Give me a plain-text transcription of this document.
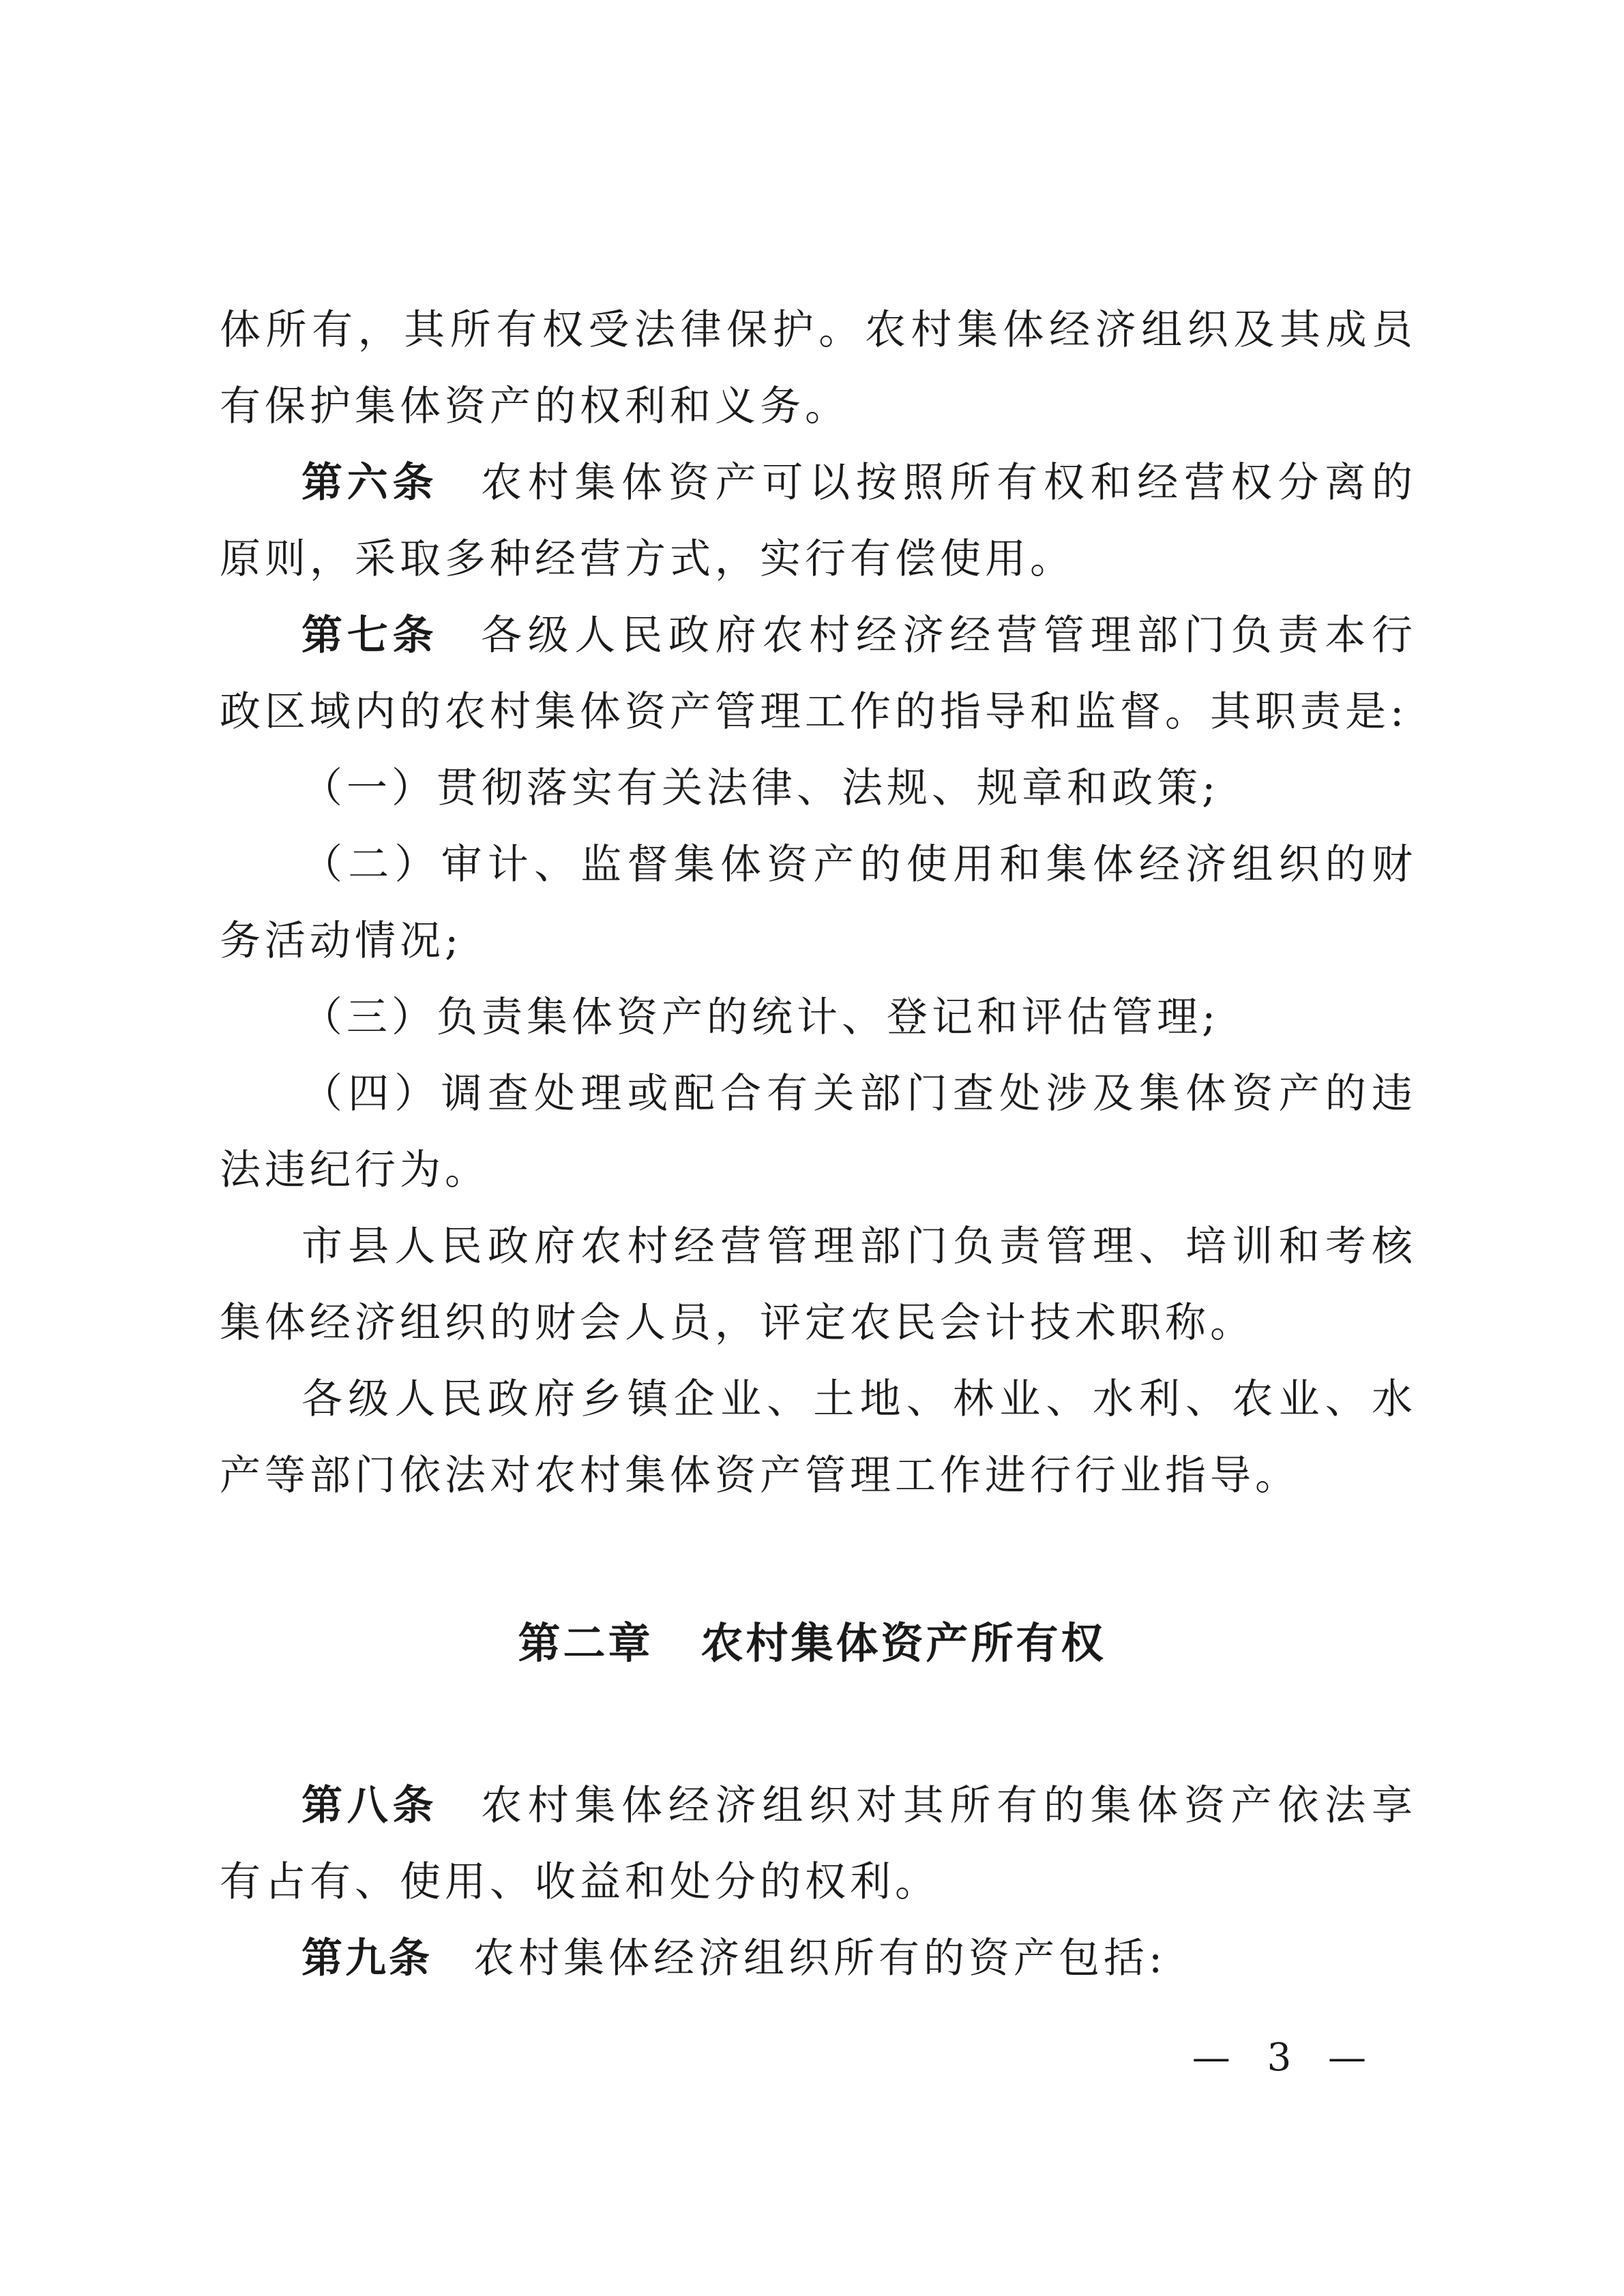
体所有，其所有权受法律保护。农村集体经济组织及其成员有保护集体资产的权利和义务。

第六条 农村集体资产可以按照所有权和经营权分离的原则，采取多种经营方式，实行有偿使用。

第七条 各级人民政府农村经济经营管理部门负责本行政区域内的农村集体资产管理工作的指导和监督。其职责是:

（一）贯彻落实有关法律、法规、规章和政策;

（二）审计、监督集体资产的使用和集体经济组织的财务活动情况;

（三）负责集体资产的统计、登记和评估管理;

（四）调查处理或配合有关部门查处涉及集体资产的违法违纪行为。

市县人民政府农村经营管理部门负责管理、培训和考核集体经济组织的财会人员，评定农民会计技术职称。

各级人民政府乡镇企业、土地、林业、水利、农业、水产等部门依法对农村集体资产管理工作进行行业指导。

第二章 农村集体资产所有权

第八条 农村集体经济组织对其所有的集体资产依法享有占有、使用、收益和处分的权利。

第九条 农村集体经济组织所有的资产包括:

— 3 —
